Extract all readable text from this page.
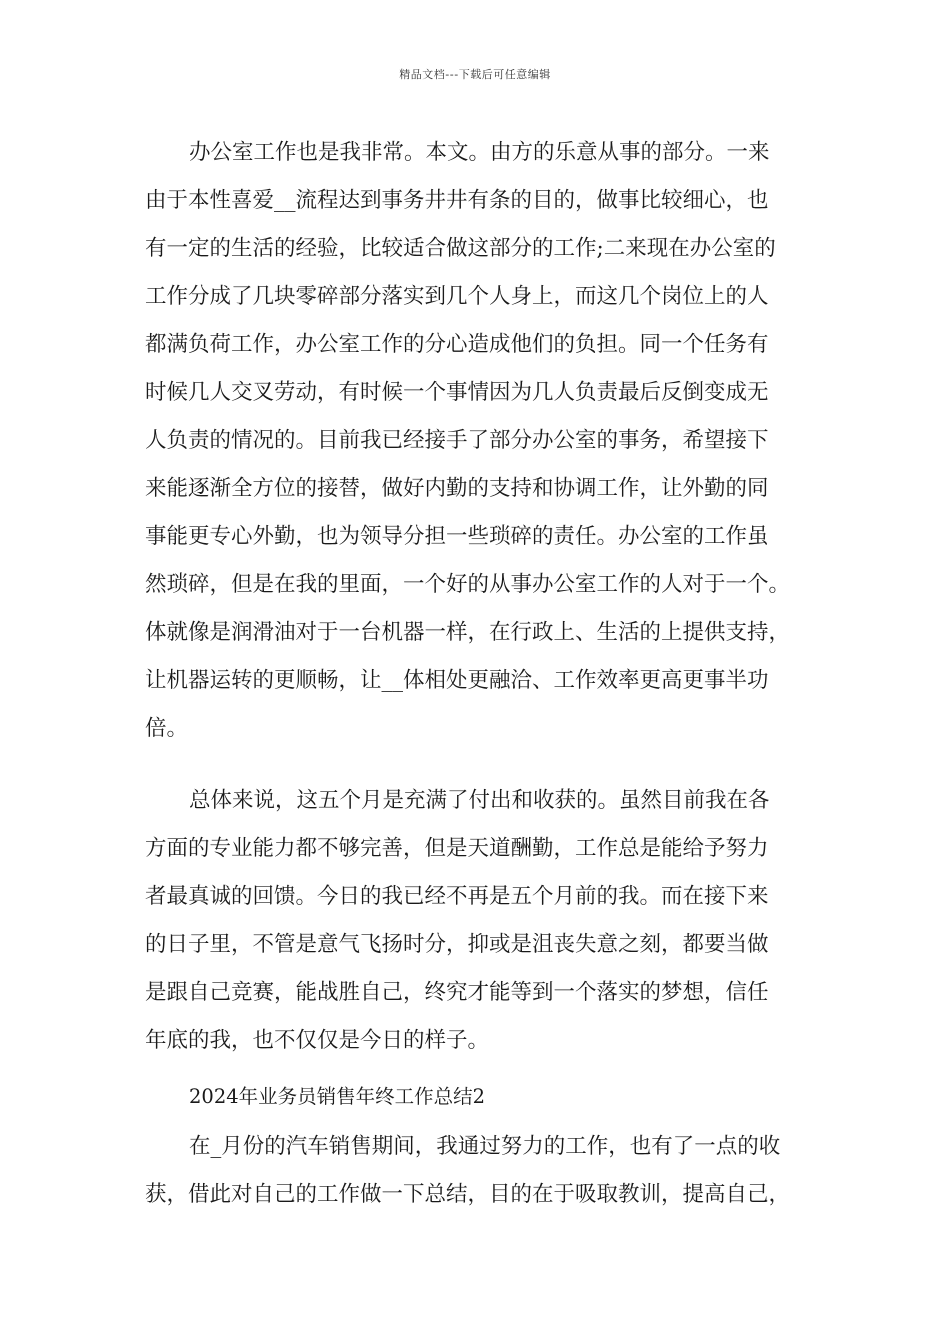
精品文档---下载后可任意编辑
办公室工作也是我非常。本文。由方的乐意从事的部分。一来
由于本性喜爱__流程达到事务井井有条的目的，做事比较细心，也
有一定的生活的经验，比较适合做这部分的工作;二来现在办公室的
工作分成了几块零碎部分落实到几个人身上，而这几个岗位上的人
都满负荷工作，办公室工作的分心造成他们的负担。同一个任务有
时候几人交叉劳动，有时候一个事情因为几人负责最后反倒变成无
人负责的情况的。目前我已经接手了部分办公室的事务，希望接下
来能逐渐全方位的接替，做好内勤的支持和协调工作，让外勤的同
事能更专心外勤，也为领导分担一些琐碎的责任。办公室的工作虽
然琐碎，但是在我的里面，一个好的从事办公室工作的人对于一个。
体就像是润滑油对于一台机器一样，在行政上、生活的上提供支持，
让机器运转的更顺畅，让__体相处更融洽、工作效率更高更事半功
倍。
总体来说，这五个月是充满了付出和收获的。虽然目前我在各
方面的专业能力都不够完善，但是天道酬勤，工作总是能给予努力
者最真诚的回馈。今日的我已经不再是五个月前的我。而在接下来
的日子里，不管是意气飞扬时分，抑或是沮丧失意之刻，都要当做
是跟自己竞赛，能战胜自己，终究才能等到一个落实的梦想，信任
年底的我，也不仅仅是今日的样子。
2024年业务员销售年终工作总结2
在_月份的汽车销售期间，我通过努力的工作，也有了一点的收
获，借此对自己的工作做一下总结，目的在于吸取教训，提高自己，
